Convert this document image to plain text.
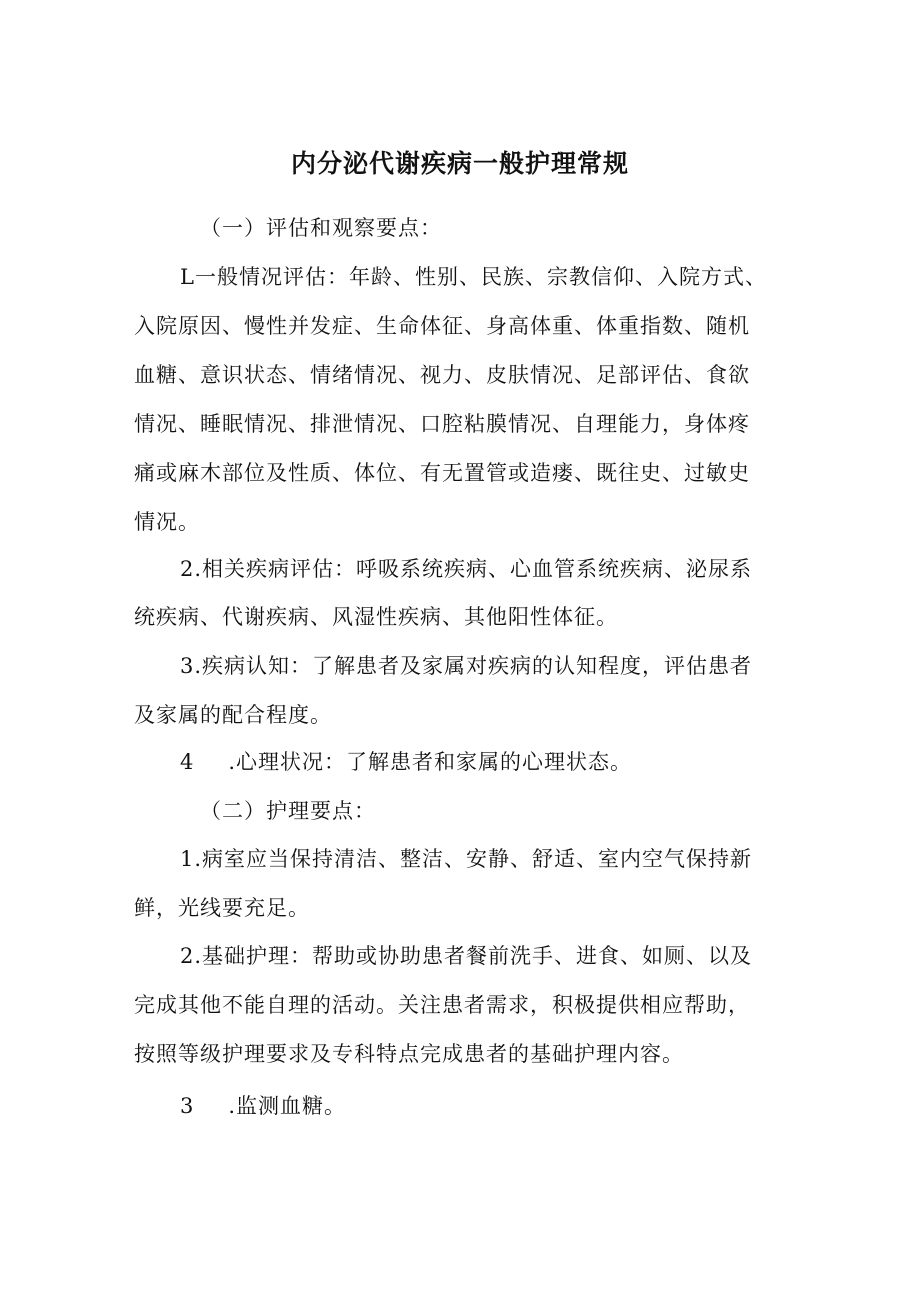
内分泌代谢疾病一般护理常规
（一）评估和观察要点：
L一般情况评估：年龄、性别、民族、宗教信仰、入院方式、
入院原因、慢性并发症、生命体征、身高体重、体重指数、随机
血糖、意识状态、情绪情况、视力、皮肤情况、足部评估、食欲
情况、睡眠情况、排泄情况、口腔粘膜情况、自理能力，身体疼
痛或麻木部位及性质、体位、有无置管或造瘘、既往史、过敏史
情况。
2.相关疾病评估：呼吸系统疾病、心血管系统疾病、泌尿系
统疾病、代谢疾病、风湿性疾病、其他阳性体征。
3.疾病认知：了解患者及家属对疾病的认知程度，评估患者
及家属的配合程度。
4 .心理状况：了解患者和家属的心理状态。
（二）护理要点：
1.病室应当保持清洁、整洁、安静、舒适、室内空气保持新
鲜，光线要充足。
2.基础护理：帮助或协助患者餐前洗手、进食、如厕、以及
完成其他不能自理的活动。关注患者需求，积极提供相应帮助，
按照等级护理要求及专科特点完成患者的基础护理内容。
3 .监测血糖。
